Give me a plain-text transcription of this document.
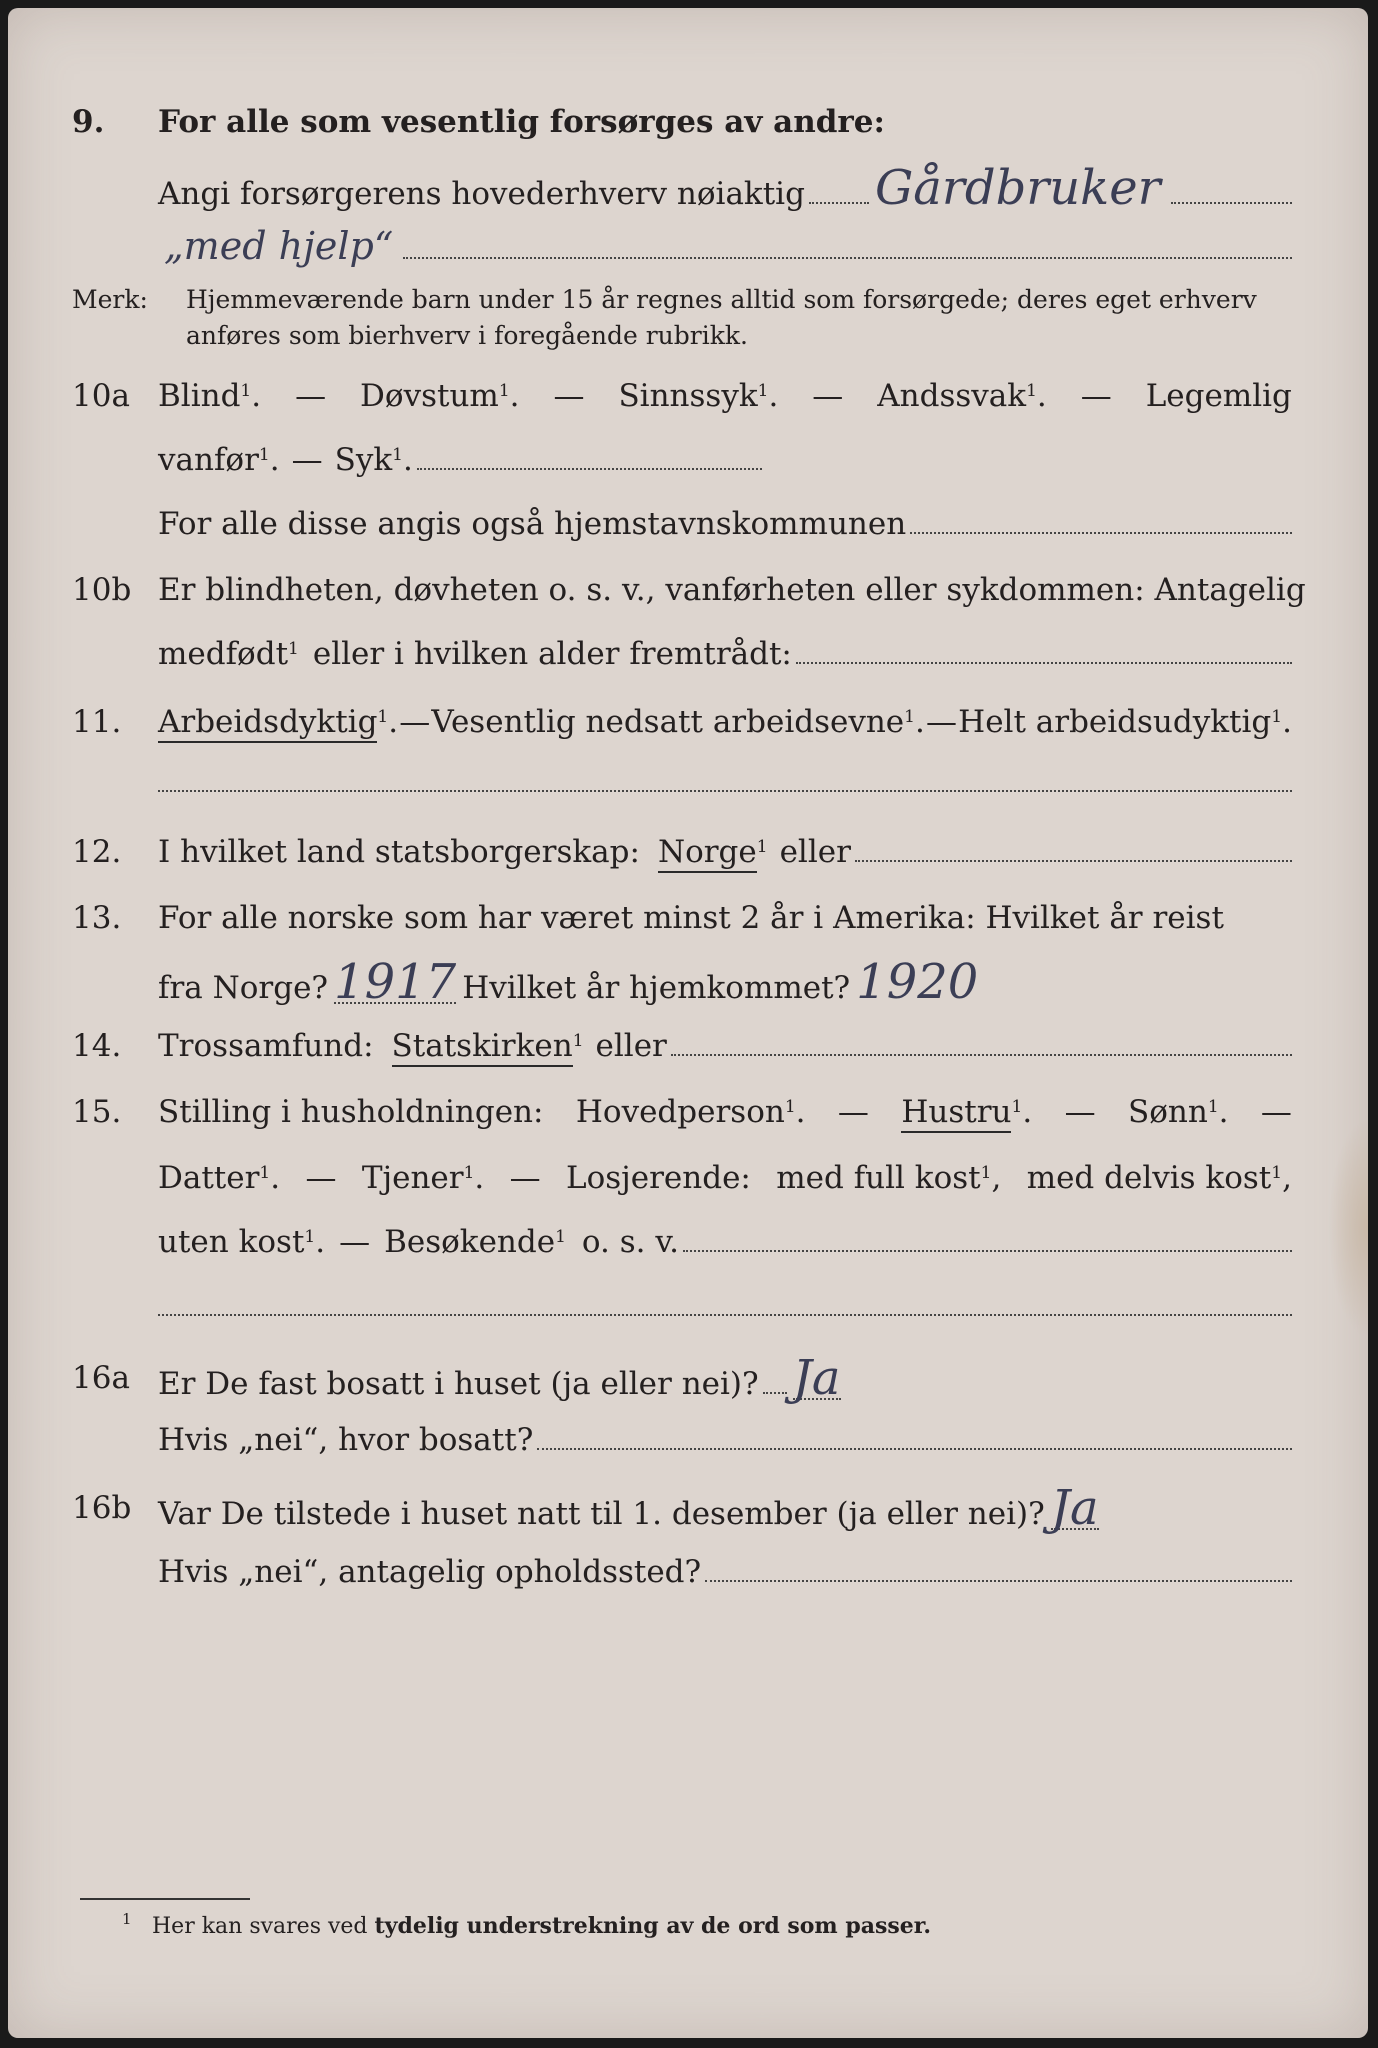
9. For alle som vesentlig forsørges av andre:
Angi forsørgerens hovederhverv nøiaktig Gårdbruker
„med hjelp“
Merk: Hjemmeværende barn under 15 år regnes alltid som forsørgede; deres eget erhverv
anføres som bierhverv i foregående rubrikk.
10a Blind$^1$. — Døvstum$^1$. — Sinnssyk$^1$. — Andssvak$^1$. — Legemlig
vanfør$^1$. — Syk$^1$.
For alle disse angis også hjemstavnskommunen
10b Er blindheten, døvheten o. s. v., vanførheten eller sykdommen: Antagelig
medfødt$^1$ eller i hvilken alder fremtrådt:
11. Arbeidsdyktig$^1$. — Vesentlig nedsatt arbeidsevne$^1$. — Helt arbeidsudyktig$^1$.
12. I hvilket land statsborgerskap: Norge$^1$ eller
13. For alle norske som har været minst 2 år i Amerika: Hvilket år reist
fra Norge? 1917 Hvilket år hjemkommet? 1920
14. Trossamfund: Statskirken$^1$ eller
15. Stilling i husholdningen: Hovedperson$^1$. — Hustru$^1$. — Sønn$^1$. —
Datter$^1$. — Tjener$^1$. — Losjerende: med full kost$^1$, med delvis kost$^1$,
uten kost$^1$. — Besøkende$^1$ o. s. v.
16a Er De fast bosatt i huset (ja eller nei)? Ja
Hvis „nei“, hvor bosatt?
16b Var De tilstede i huset natt til 1. desember (ja eller nei)? Ja
Hvis „nei“, antagelig opholdssted?
1 Her kan svares ved tydelig understrekning av de ord som passer.
